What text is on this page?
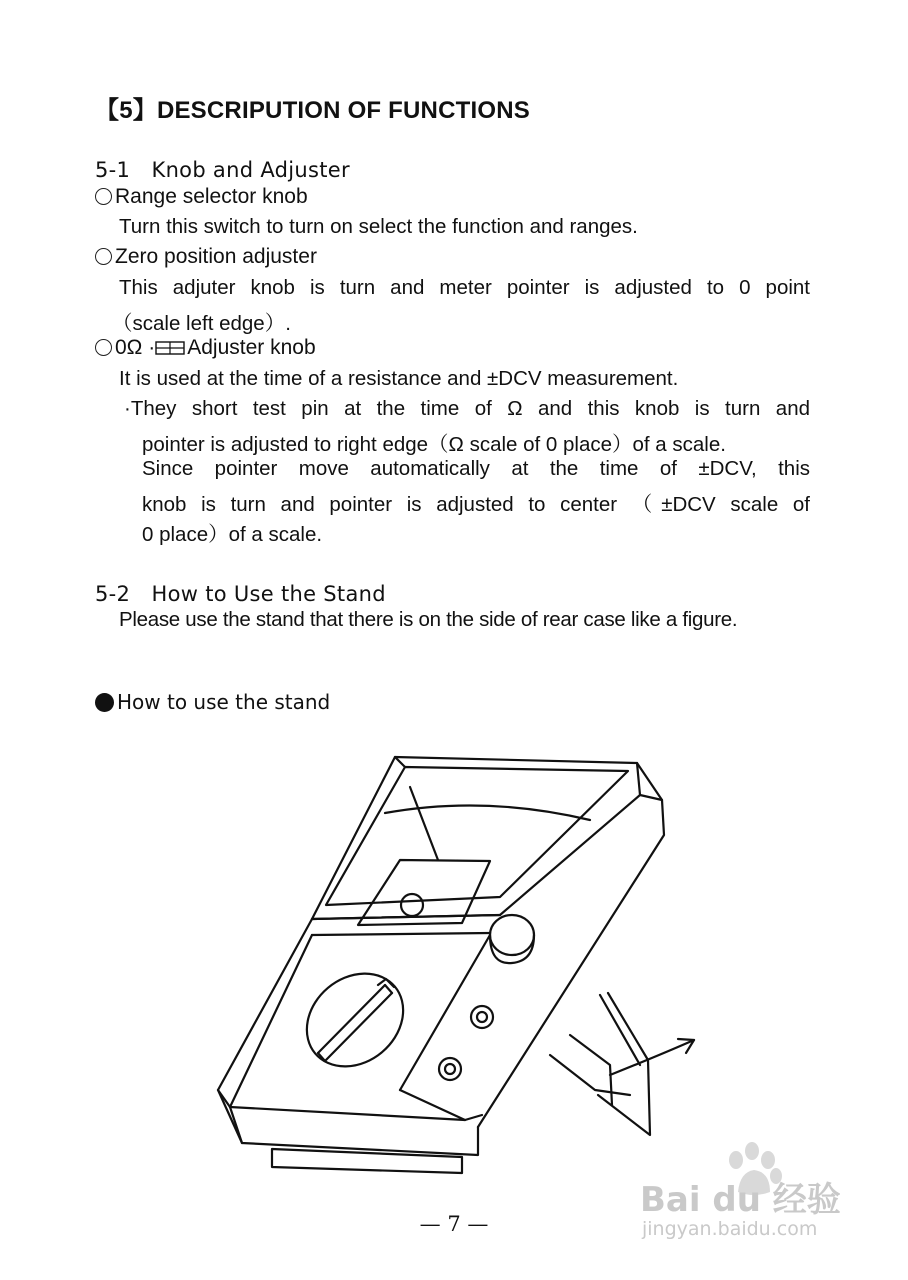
【5】DESCRIPUTION OF FUNCTIONS
5-1　Knob and Adjuster
Range selector knob
Turn this switch to turn on select the function and ranges.
Zero position adjuster
This adjuter knob is turn and meter pointer is adjusted to 0 point
（scale left edge）.
0Ω · Adjuster knob
It is used at the time of a resistance and ±DCV measurement.
·They short test pin at the time of Ω and this knob is turn and
pointer is adjusted to right edge（Ω scale of 0 place）of a scale.
Since pointer move automatically at the time of ±DCV, this
knob is turn and pointer is adjusted to center （±DCV scale of
0 place）of a scale.
5-2　How to Use the Stand
Please use the stand that there is on the side of rear case like a figure.
How to use the stand
— 7 —
Bai du 经验
jingyan.baidu.com
